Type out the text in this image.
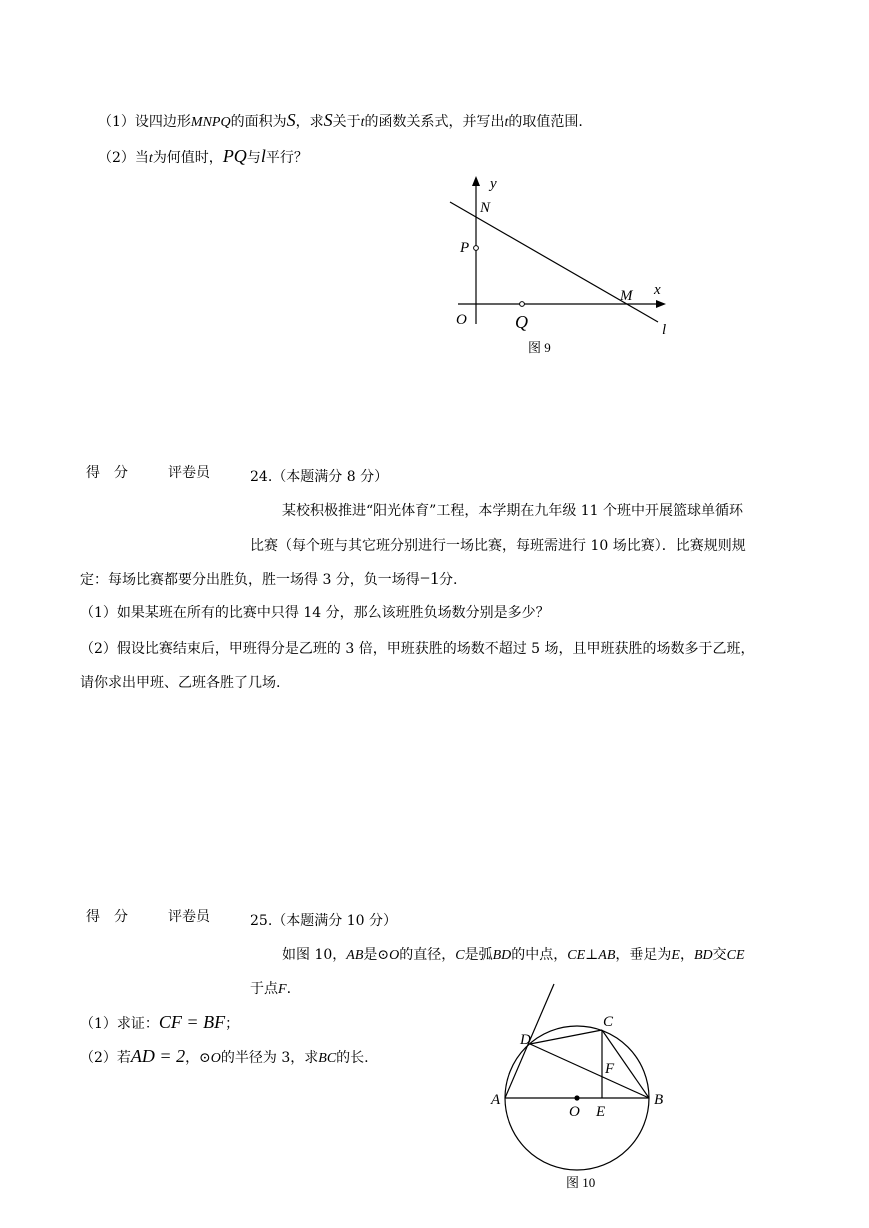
（1）设四边形MNPQ的面积为S，求S关于t的函数关系式，并写出t的取值范围.
（2）当t为何值时，PQ与l平行？
y
x
N
P
M
O	Q	l
图 9
得　分	评卷员	24.（本题满分 8 分）
某校积极推进“阳光体育”工程，本学期在九年级 11 个班中开展篮球单循环
比赛（每个班与其它班分别进行一场比赛，每班需进行 10 场比赛）．比赛规则规
定：每场比赛都要分出胜负，胜一场得 3 分，负一场得−1分.
（1）如果某班在所有的比赛中只得 14 分，那么该班胜负场数分别是多少？
（2）假设比赛结束后，甲班得分是乙班的 3 倍，甲班获胜的场数不超过 5 场，且甲班获胜的场数多于乙班，
请你求出甲班、乙班各胜了几场.
得　分	评卷员	25.（本题满分 10 分）
如图 10，AB是⊙O的直径，C是弧BD的中点，CE⊥AB，垂足为E，BD交CE
于点F.
（1）求证：CF = BF；
（2）若AD = 2，⊙O的半径为 3，求BC的长.
A	B
C
D
E
F
O
图 10
